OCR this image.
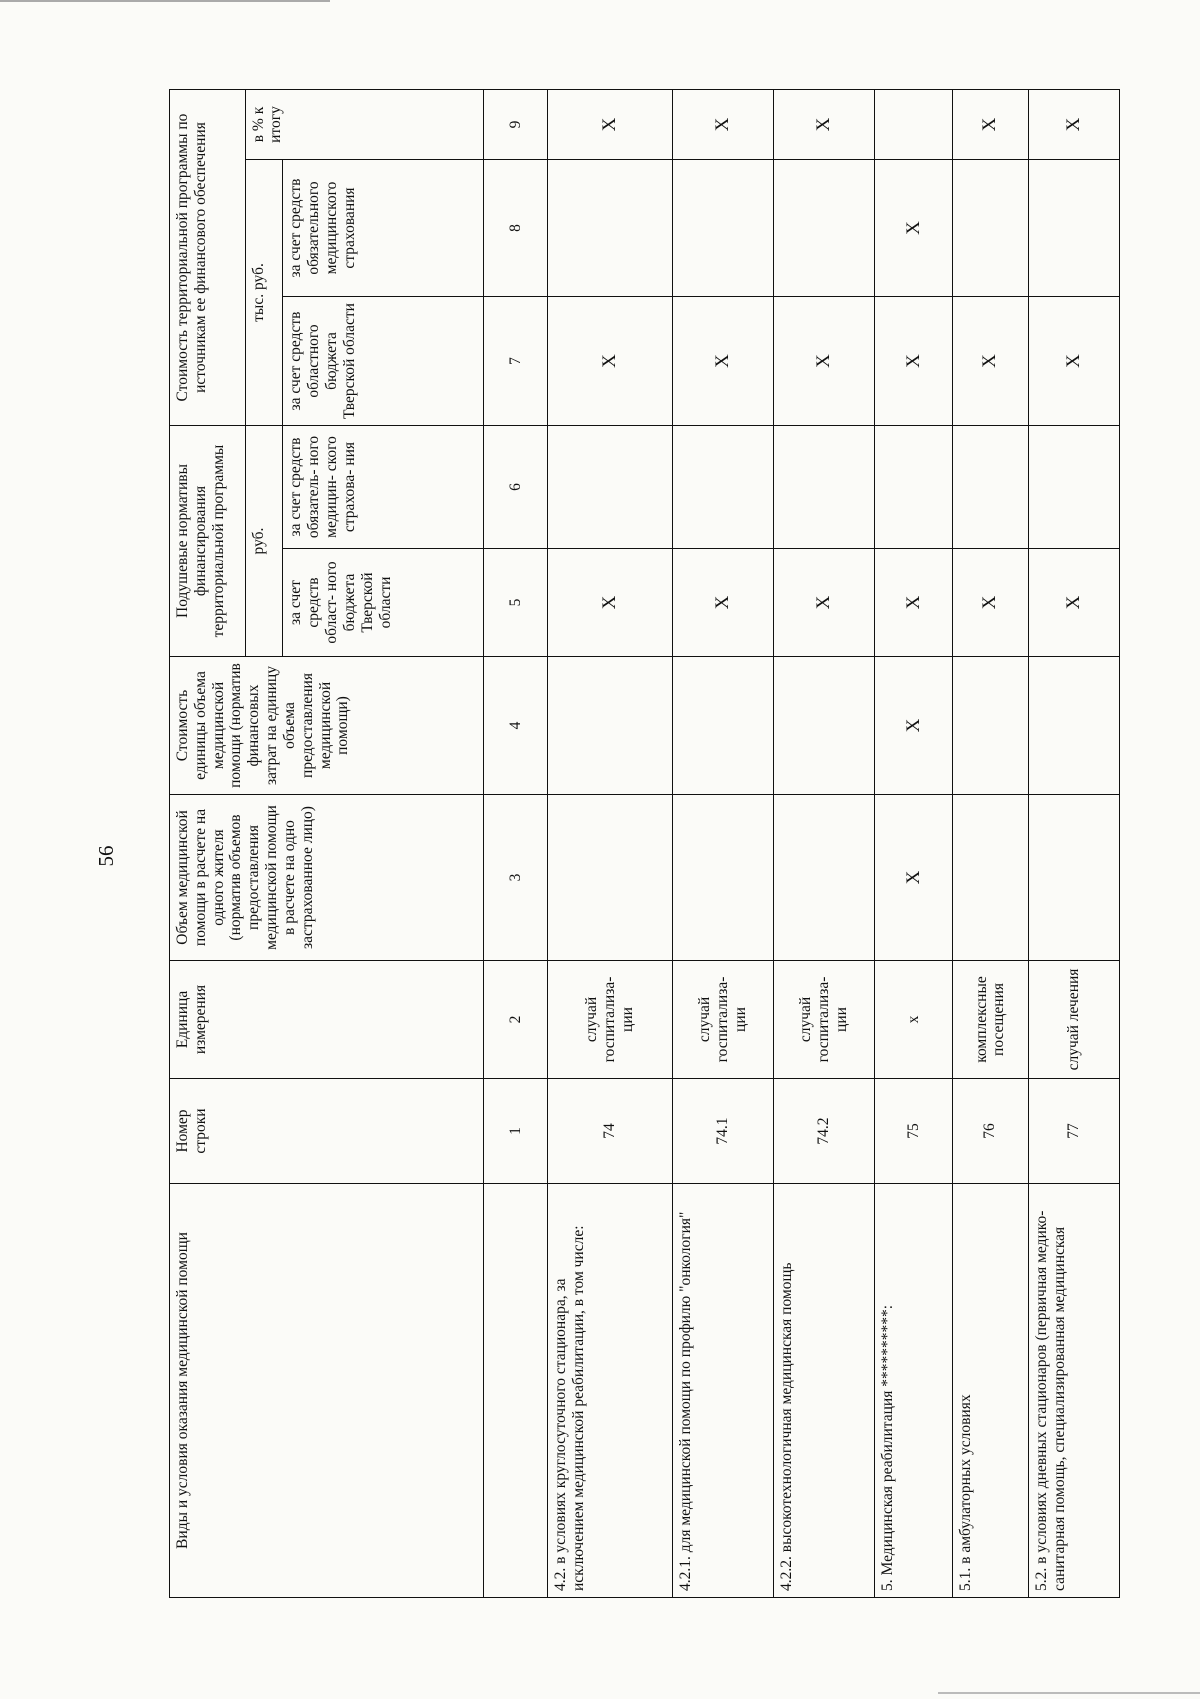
56
Виды и условия оказания медицинской помощи	Номер строки	Единица измерения	Объем медицинской помощи в расчете на одного жителя (норматив объемов предоставления медицинской помощи в расчете на одно застрахованное лицо)	Стоимость единицы объема медицинской помощи (норматив финансовых затрат на единицу объема предоставления медицинской помощи)	Подушевые нормативы финансирования территориальной программы		Стоимость территориальной программы по источникам ее финансового обеспечения		
					руб.		тыс. руб.		в % к итогу
					за счет средств област- ного бюджета Тверской области	за счет средств обязатель- ного медицин- ского страхова- ния	за счет средств областного бюджета Тверской области	за счет средств обязательного медицинского страхования	
	1	2	3	4	5	6	7	8	9
4.2. в условиях круглосуточного стационара, за исключением медицинской реабилитации, в том числе:	74	случай госпитализа- ции			Х		Х		Х
4.2.1. для медицинской помощи по профилю "онкология"	74.1	случай госпитализа- ции			Х		Х		Х
4.2.2. высокотехнологичная медицинская помощь	74.2	случай госпитализа- ции			Х		Х		Х
5. Медицинская реабилитация **********:	75	х	Х	Х	Х		Х	Х	
5.1. в амбулаторных условиях	76	комплексные посещения			Х		Х		Х
5.2. в условиях дневных стационаров (первичная медико-санитарная помощь, специализированная медицинская	77	случай лечения			Х		Х		Х
